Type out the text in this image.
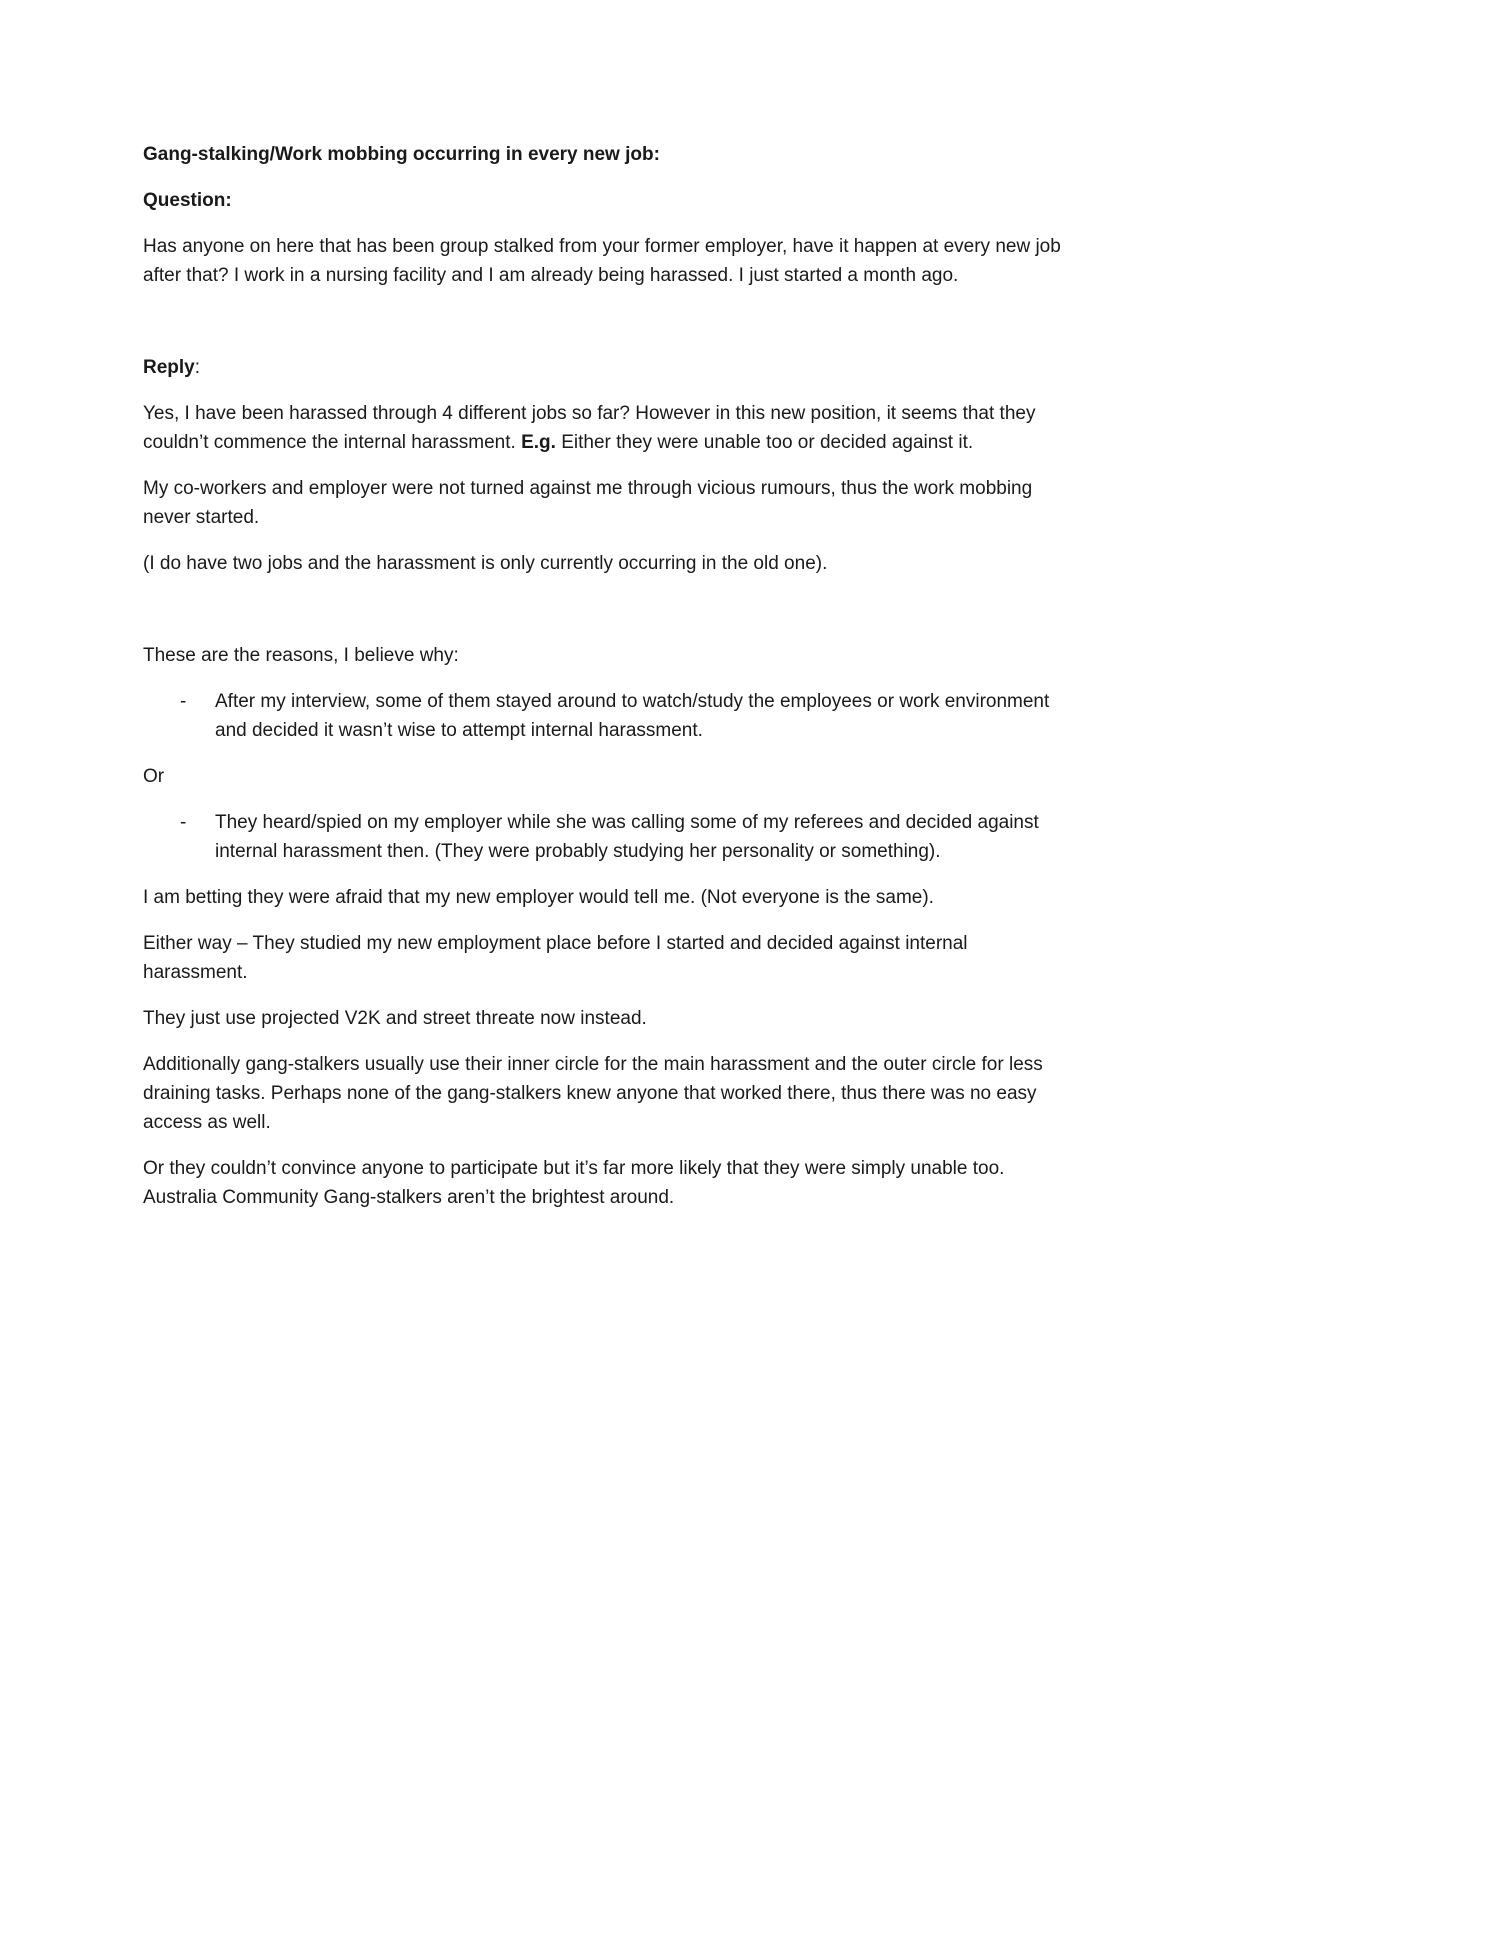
Gang-stalking/Work mobbing occurring in every new job:

Question:

Has anyone on here that has been group stalked from your former employer, have it happen at every new job after that? I work in a nursing facility and I am already being harassed. I just started a month ago.

Reply:

Yes, I have been harassed through 4 different jobs so far? However in this new position, it seems that they couldn’t commence the internal harassment. E.g. Either they were unable too or decided against it.

My co-workers and employer were not turned against me through vicious rumours, thus the work mobbing never started.

(I do have two jobs and the harassment is only currently occurring in the old one).

These are the reasons, I believe why:

-	After my interview, some of them stayed around to watch/study the employees or work environment and decided it wasn’t wise to attempt internal harassment.

Or

-	They heard/spied on my employer while she was calling some of my referees and decided against internal harassment then. (They were probably studying her personality or something).

I am betting they were afraid that my new employer would tell me. (Not everyone is the same).

Either way – They studied my new employment place before I started and decided against internal harassment.

They just use projected V2K and street threate now instead.

Additionally gang-stalkers usually use their inner circle for the main harassment and the outer circle for less draining tasks. Perhaps none of the gang-stalkers knew anyone that worked there, thus there was no easy access as well.

Or they couldn’t convince anyone to participate but it’s far more likely that they were simply unable too. Australia Community Gang-stalkers aren’t the brightest around.
